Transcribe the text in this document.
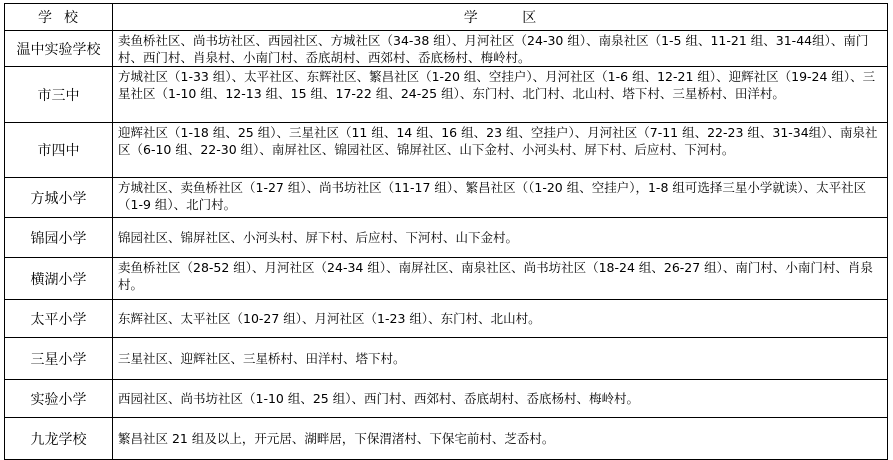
学  校	学          区
温中实验学校	卖鱼桥社区、尚书坊社区、西园社区、方城社区（34-38 组）、月河社区（24-30 组）、南泉社区（1-5 组、11-21 组、31-44组）、南门村、西门村、肖泉村、小南门村、岙底胡村、西郊村、岙底杨村、梅岭村。
市三中	方城社区（1-33 组）、太平社区、东辉社区、繁昌社区（1-20 组、空挂户）、月河社区（1-6 组、12-21 组）、迎辉社区（19-24 组）、三星社区（1-10 组、12-13 组、15 组、17-22 组、24-25 组）、东门村、北门村、北山村、塔下村、三星桥村、田洋村。
市四中	迎辉社区（1-18 组、25 组）、三星社区（11 组、14 组、16 组、23 组、空挂户）、月河社区（7-11 组、22-23 组、31-34组）、南泉社区（6-10 组、22-30 组）、南屏社区、锦园社区、锦屏社区、山下金村、小河头村、屏下村、后应村、下河村。
方城小学	方城社区、卖鱼桥社区（1-27 组）、尚书坊社区（11-17 组）、繁昌社区（（1-20 组、空挂户），1-8 组可选择三星小学就读）、太平社区（1-9 组）、北门村。
锦园小学	锦园社区、锦屏社区、小河头村、屏下村、后应村、下河村、山下金村。
横湖小学	卖鱼桥社区（28-52 组）、月河社区（24-34 组）、南屏社区、南泉社区、尚书坊社区（18-24 组、26-27 组）、南门村、小南门村、肖泉村。
太平小学	东辉社区、太平社区（10-27 组）、月河社区（1-23 组）、东门村、北山村。
三星小学	三星社区、迎辉社区、三星桥村、田洋村、塔下村。
实验小学	西园社区、尚书坊社区（1-10 组、25 组）、西门村、西郊村、岙底胡村、岙底杨村、梅岭村。
九龙学校	繁昌社区 21 组及以上，开元居、湖畔居，下保渭渚村、下保宅前村、芝岙村。
